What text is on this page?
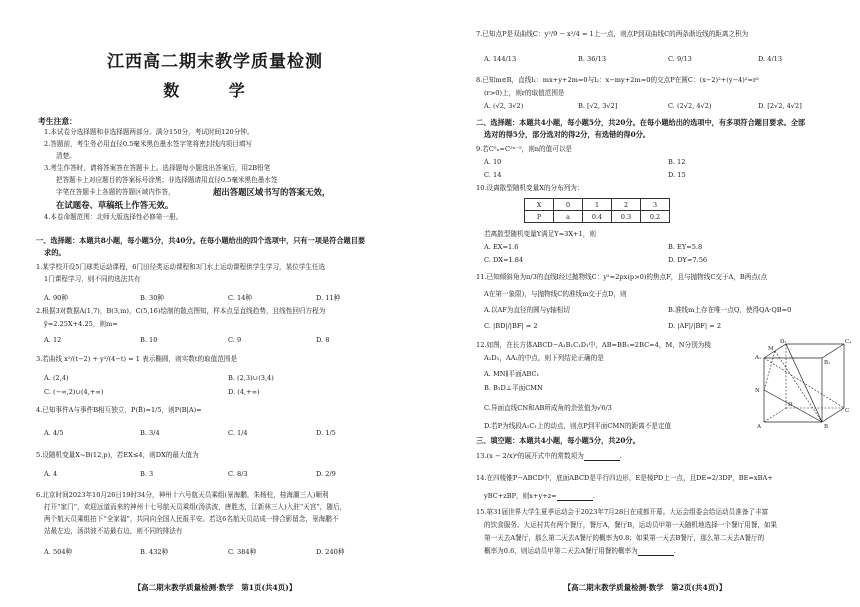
江西高二期末教学质量检测
数 学
考生注意：
1.本试卷分选择题和非选择题两部分。满分150分，考试时间120分钟。
2.答题前，考生务必用直径0.5毫米黑色墨水签字笔将密封线内项目填写
清楚。
3.考生作答时，请将答案答在答题卡上。选择题每小题选出答案后，用2B铅笔
把答题卡上对应题目的答案标号涂黑；非选择题请用直径0.5毫米黑色墨水签
字笔在答题卡上各题的答题区域内作答，	超出答题区域书写的答案无效，
在试题卷、草稿纸上作答无效。
4.本卷命题范围：北师大版选择性必修第一册。
一、选择题：本题共8小题，每小题5分，共40分。在每小题给出的四个选项中，只有一项是符合题目要
求的。
1.某学校开设5门球类运动课程，6门田径类运动课程和3门水上运动课程供学生学习，某位学生任选
1门课程学习，则不同的选法共有
A. 90种	B. 30种	C. 14种	D. 11种
2.根据3对数据A(1,7)，B(3,m)，C(5,16)绘制的散点图知，样本点呈直线趋势，且线性回归方程为
ŷ=2.25X+4.25，则m=
A. 12	B. 10	C. 9	D. 8
3.若曲线 x²/(t−2) + y²/(4−t) = 1 表示椭圆，则实数t的取值范围是
A. (2,4)	B. (2,3)∪(3,4)
C. (−∞,2)∪(4,+∞)	D. (4,+∞)
4.已知事件A与事件B相互独立，P(B̄)=1/5，则P(B|A)=
A. 4/5	B. 3/4	C. 1/4	D. 1/5
5.设随机变量X~B(12,p)，若EX≤4，则DX的最大值为
A. 4	B. 3	C. 8/3	D. 2/9
6.北京时间2023年10月26日19时34分，神州十六号航天员乘组(景海鹏，朱杨柱，桂海潮三人)顺利
打开“家门”，欢迎远道而来的神州十七号航天员乘组(汤洪波，唐胜杰，江新林三人)入驻“天宫”，随后，
两个航天员乘组拍下“全家福”，共同向全国人民报平安。若这6名航天员站成一排合影留念，景海鹏不
站最左边，汤洪波不站最右边，则不同的排法有
A. 504种	B. 432种	C. 384种	D. 240种
【高二期末教学质量检测·数学　第1页(共4页)】
7.已知点P是双曲线C：y²/9 − x²/4 = 1上一点，则点P到双曲线C的两条渐近线的距离之积为
A. 144/13	B. 36/13	C. 9/13	D. 4/13
8.已知m∈R，直线l₁：mx+y+2m=0与l₂：x−my+2m=0的交点P在圆C：(x−2)²+(y−4)²=r²
(r>0)上，则r的取值范围是
A. (√2, 3√2)	B. [√2, 3√2]	C. (2√2, 4√2)	D. [2√2, 4√2]
二、选择题：本题共4小题，每小题5分，共20分。在每小题给出的选项中，有多项符合题目要求。全部
选对的得5分，部分选对的得2分，有选错的得0分。
9.若C⁵ₙ=C²ⁿ⁻⁵，则n的值可以是
A. 10	B. 12
C. 14	D. 15
10.设离散型随机变量X的分布列为：
X	0	1	2	3
P	a	0.4	0.3	0.2
若离散型随机变量Y满足Y=3X+1，则
A. EX=1.6	B. EY=5.8
C. DX=1.84	D. DY=7.56
11.已知倾斜角为π/3的直线l经过抛物线C：y²=2px(p>0)的焦点F，且与抛物线C交于A，B两点(点
A在第一象限)，与抛物线C的准线m交于点D，则
A.以AF为直径的圆与y轴相切	B.准线m上存在唯一点Q，使得QA·QB=0
C. |BD|/|BF| = 2	D. |AF|/|BF| = 2
12.如图，在长方体ABCD−A₁B₁C₁D₁中，AB=BB₁=2BC=4，M，N分别为棱
A₁D₁，AA₁的中点，则下列结论正确的是
A. MN∥平面ABC₁
B. B₁D⊥平面CMN
C.异面直线CN和AB所成角的余弦值为√6/3
D.若P为线段A₁C₁上的动点，则点P到平面CMN的距离不是定值
D₁
M
C₁
A₁
B₁
N
D
C
A	B
三、填空题：本题共4小题，每小题5分，共20分。
13.(x − 2/x)⁶的展开式中的常数项为	.
14.在四棱锥P−ABCD中，底面ABCD是平行四边形，E是棱PD上一点，且DE=2/3DP，BE=xBA+
yBC+zBP，则x+y+z=	.
15.第31届世界大学生夏季运动会于2023年7月28日在成都开幕。大运会组委会给运动员准备了丰富
的饮食服务。大运村共有两个餐厅，餐厅A，餐厅B，运动员甲第一天随机地选择一个餐厅用餐，如果
第一天去A餐厅，那么第二天去A餐厅的概率为0.8；如果第一天去B餐厅，那么第二天去A餐厅的
概率为0.6，则运动员甲第二天去A餐厅用餐的概率为	.
【高二期末教学质量检测·数学　第2页(共4页)】
